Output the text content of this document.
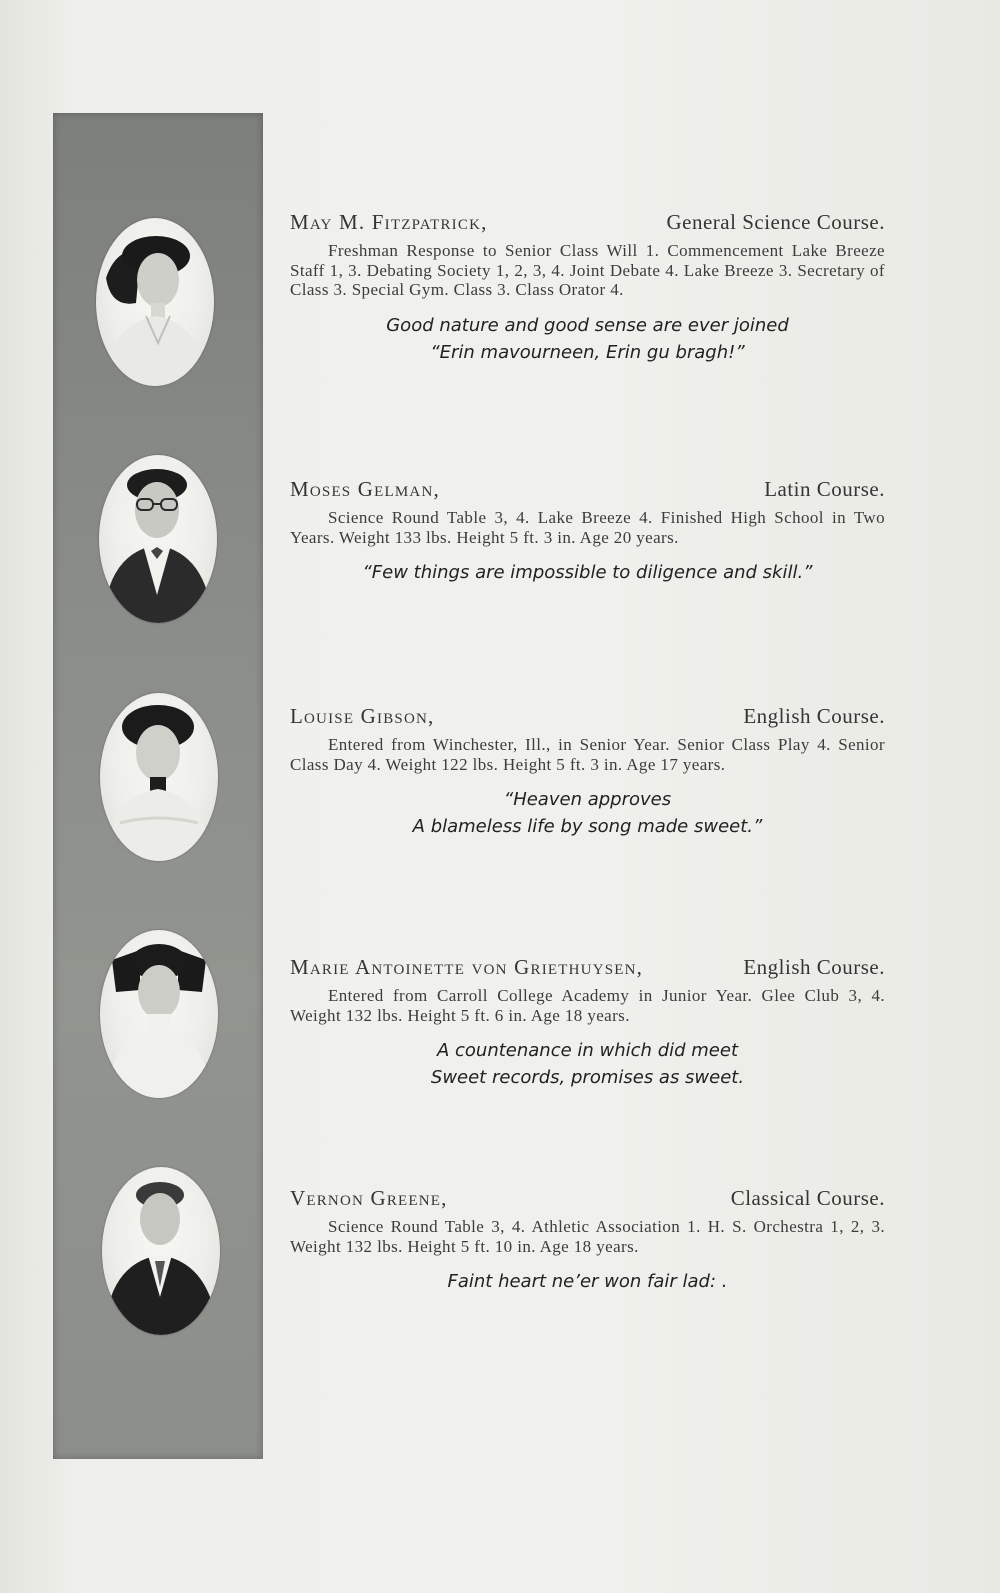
May M. Fitzpatrick,	General Science Course.
Freshman Response to Senior Class Will 1. Commencement Lake Breeze Staff 1, 3. Debating Society 1, 2, 3, 4. Joint Debate 4. Lake Breeze 3. Secretary of Class 3. Special Gym. Class 3. Class Orator 4.
Good nature and good sense are ever joined
“Erin mavourneen, Erin gu bragh!”
Moses Gelman,	Latin Course.
Science Round Table 3, 4. Lake Breeze 4. Finished High School in Two Years. Weight 133 lbs. Height 5 ft. 3 in. Age 20 years.
“Few things are impossible to diligence and skill.”
Louise Gibson,	English Course.
Entered from Winchester, Ill., in Senior Year. Senior Class Play 4. Senior Class Day 4. Weight 122 lbs. Height 5 ft. 3 in. Age 17 years.
“Heaven approves
A blameless life by song made sweet.”
Marie Antoinette von Griethuysen,	English Course.
Entered from Carroll College Academy in Junior Year. Glee Club 3, 4. Weight 132 lbs. Height 5 ft. 6 in. Age 18 years.
A countenance in which did meet
Sweet records, promises as sweet.
Vernon Greene,	Classical Course.
Science Round Table 3, 4. Athletic Association 1. H. S. Orchestra 1, 2, 3. Weight 132 lbs. Height 5 ft. 10 in. Age 18 years.
Faint heart ne’er won fair lad: .
